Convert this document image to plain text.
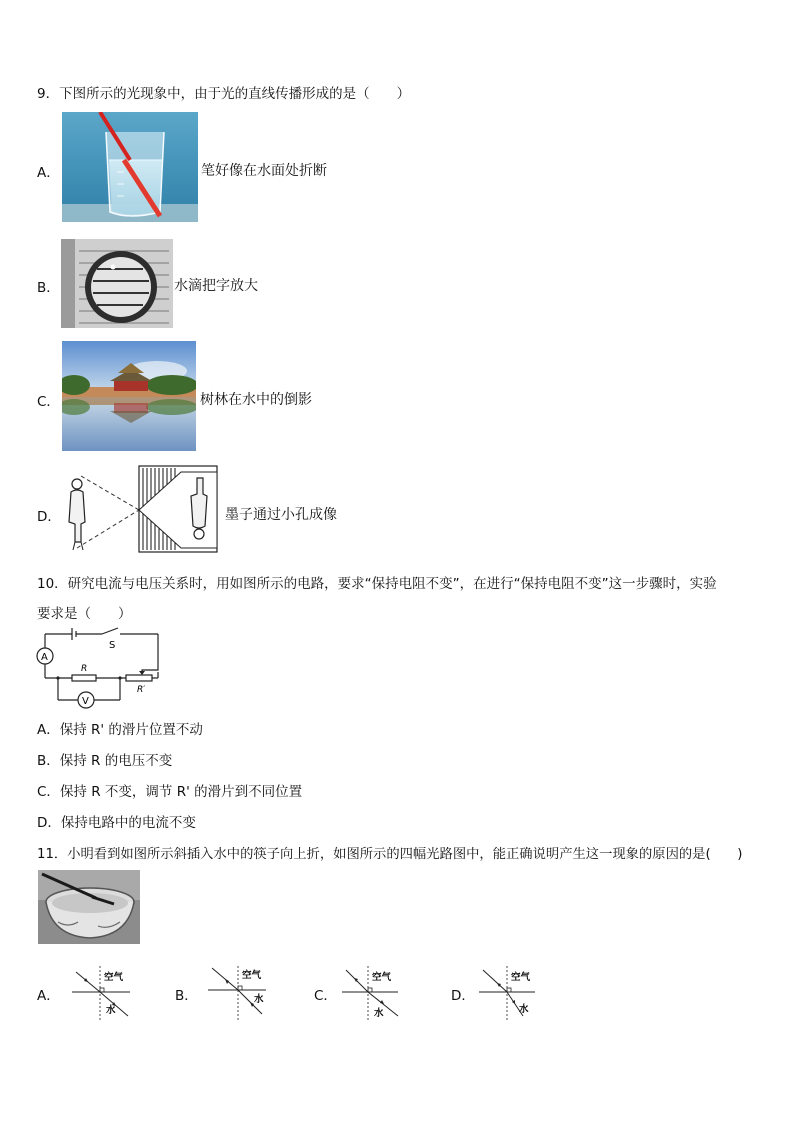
9．下图所示的光现象中，由于光的直线传播形成的是（　　）
A．	笔好像在水面处折断
B．	水滴把字放大
C．	树林在水中的倒影
D．	墨子通过小孔成像
10．研究电流与电压关系时，用如图所示的电路，要求“保持电阻不变”，在进行“保持电阻不变”这一步骤时，实验
要求是（　　）
A
V
S
R
R′
A．保持 R' 的滑片位置不动
B．保持 R 的电压不变
C．保持 R 不变，调节 R' 的滑片到不同位置
D．保持电路中的电流不变
11．小明看到如图所示斜插入水中的筷子向上折，如图所示的四幅光路图中，能正确说明产生这一现象的原因的是(　　)
A．
空气
水
B．
空气
水	C．
空气
水
D．
空气
水
